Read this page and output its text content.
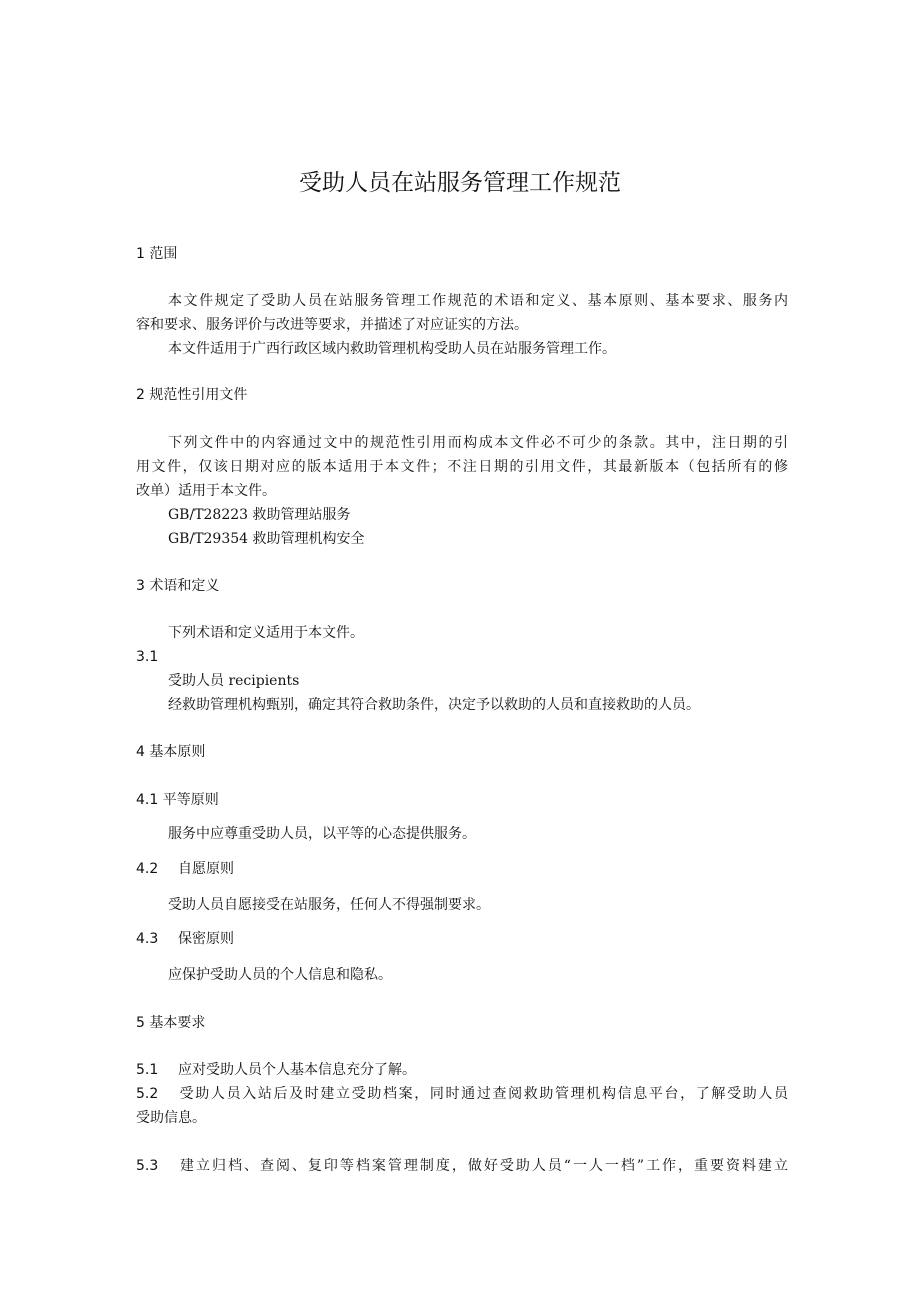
受助人员在站服务管理工作规范
1 范围
本文件规定了受助人员在站服务管理工作规范的术语和定义、基本原则、基本要求、服务内
容和要求、服务评价与改进等要求，并描述了对应证实的方法。
本文件适用于广西行政区域内救助管理机构受助人员在站服务管理工作。
2 规范性引用文件
下列文件中的内容通过文中的规范性引用而构成本文件必不可少的条款。其中，注日期的引
用文件，仅该日期对应的版本适用于本文件；不注日期的引用文件，其最新版本（包括所有的修
改单）适用于本文件。
GB/T28223 救助管理站服务
GB/T29354 救助管理机构安全
3 术语和定义
下列术语和定义适用于本文件。
3.1
受助人员 recipients
经救助管理机构甄别，确定其符合救助条件，决定予以救助的人员和直接救助的人员。
4 基本原则
4.1 平等原则
服务中应尊重受助人员，以平等的心态提供服务。
4.2 自愿原则
受助人员自愿接受在站服务，任何人不得强制要求。
4.3 保密原则
应保护受助人员的个人信息和隐私。
5 基本要求
5.1 应对受助人员个人基本信息充分了解。
5.2 受助人员入站后及时建立受助档案，同时通过查阅救助管理机构信息平台，了解受助人员
受助信息。
5.3 建立归档、查阅、复印等档案管理制度，做好受助人员“一人一档”工作，重要资料建立
